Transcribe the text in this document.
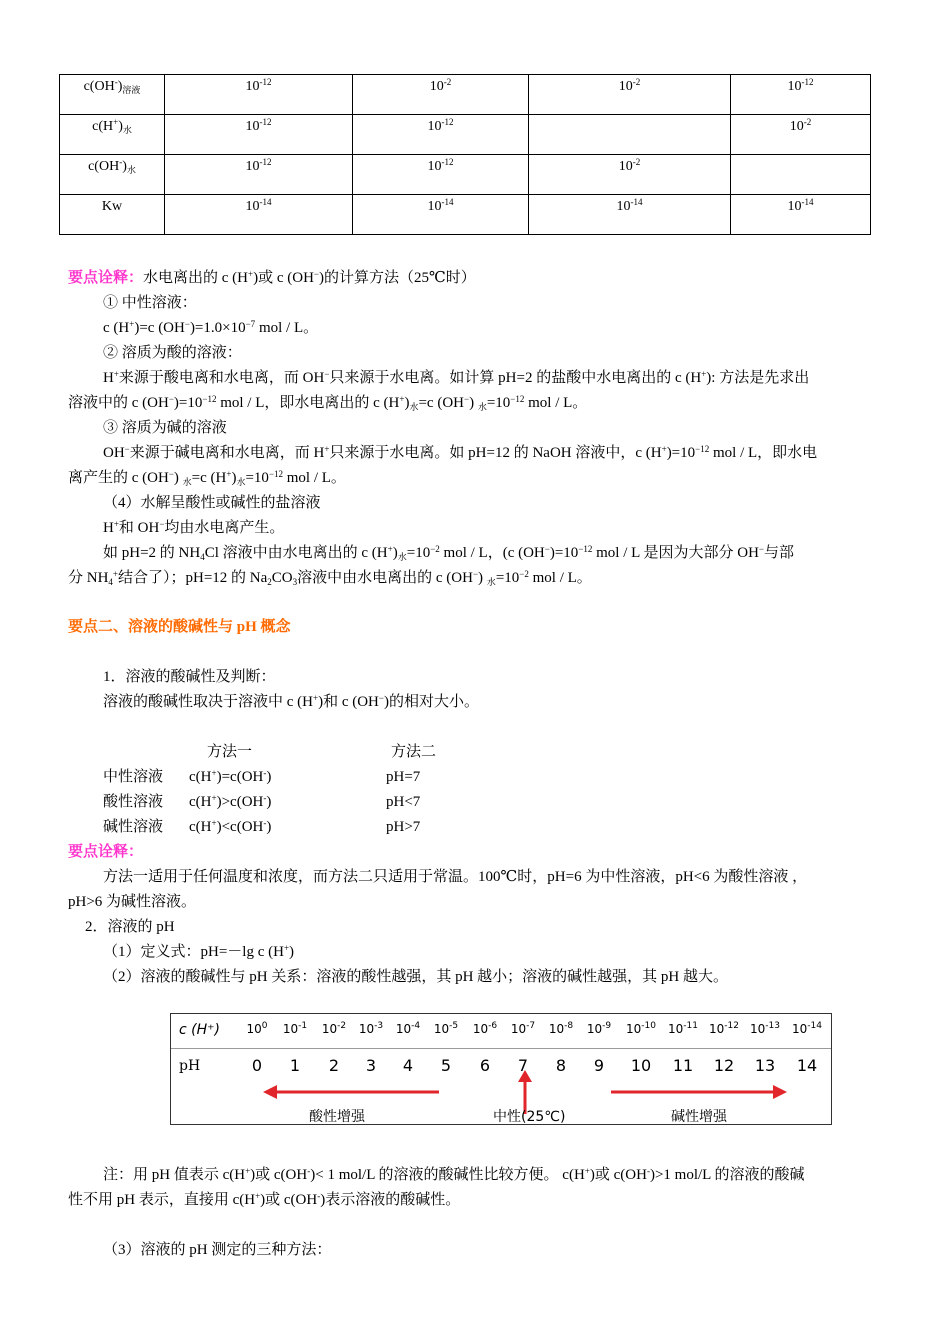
$c(OH^-)_{溶液}$	$10^{-12}$	$10^{-2}$	$10^{-2}$	$10^{-12}$
$c(H^+)_水$	$10^{-12}$	$10^{-12}$		$10^{-2}$
$c(OH^-)_水$	$10^{-12}$	$10^{-12}$	$10^{-2}$	
Kw	$10^{-14}$	$10^{-14}$	$10^{-14}$	$10^{-14}$
要点诠释：水电离出的 c (H+)或 c (OH−)的计算方法（25℃时）
① 中性溶液：
c (H+)=c $(OH^-)=1.0\times 10^{-7}$ mol / L。
② 溶质为酸的溶液：
H+来源于酸电离和水电离，而 OH−只来源于水电离。如计算 pH=2 的盐酸中水电离出的 c (H+): 方法是先求出
溶液中的 c $(OH^-)=10^{-12}$ mol / L，即水电离出的 c $(H^+)_水=c$ (OH−) $_水=10^{-12}$ mol / L。
③ 溶质为碱的溶液
OH−来源于碱电离和水电离，而 H+只来源于水电离。如 pH=12 的 NaOH 溶液中，c $(H^+)=10^{-12}$ mol / L，即水电
离产生的 c (OH−) $_水$=c $(H^+)_水=10^{-12}$ mol / L。
（4）水解呈酸性或碱性的盐溶液
H+和 OH−均由水电离产生。
如 pH=2 的 $NH_4Cl$ 溶液中由水电离出的 c $(H^+)_水=10^{-2}$ mol / L，(c $(OH^-)=10^{-12}$ mol / L 是因为大部分 OH−与部
分 $NH_4^+$结合了）；pH=12 的 $Na_2CO_3$溶液中由水电离出的 c (OH−) $_水=10^{-2}$ mol / L。
要点二、溶液的酸碱性与 pH 概念
1．溶液的酸碱性及判断：
溶液的酸碱性取决于溶液中 c (H+)和 c (OH−)的相对大小。
方法一	方法二
中性溶液 c(H+)=c(OH-)	pH=7
酸性溶液 c(H+)>c(OH-)	pH<7
碱性溶液 c(H+)<c(OH-)	pH>7
要点诠释：
方法一适用于任何温度和浓度，而方法二只适用于常温。100℃时，pH=6 为中性溶液，pH<6 为酸性溶液 ，
pH>6 为碱性溶液。
2．溶液的 pH
（1）定义式：pH=－lg c (H+)
（2）溶液的酸碱性与 pH 关系：溶液的酸性越强，其 pH 越小；溶液的碱性越强，其 pH 越大。
c (H⁺)	$10^0$	$10^{-1}$	$10^{-2}$	$10^{-3}$	$10^{-4}$	$10^{-5}$	$10^{-6}$	$10^{-7}$	$10^{-8}$	$10^{-9}$	$10^{-10}$ $10^{-11}$ $10^{-12}$ $10^{-13}$ $10^{-14}$
pH	0	1	2	3	4	5	6	7	8	9	10	11	12	13	14
酸性增强	中性(25℃)	碱性增强
注：用 pH 值表示 c(H+)或 c(OH-)< 1 mol/L 的溶液的酸碱性比较方便。 c(H+)或 c(OH-)>1 mol/L 的溶液的酸碱
性不用 pH 表示，直接用 c(H+)或 c(OH-)表示溶液的酸碱性。
（3）溶液的 pH 测定的三种方法：
